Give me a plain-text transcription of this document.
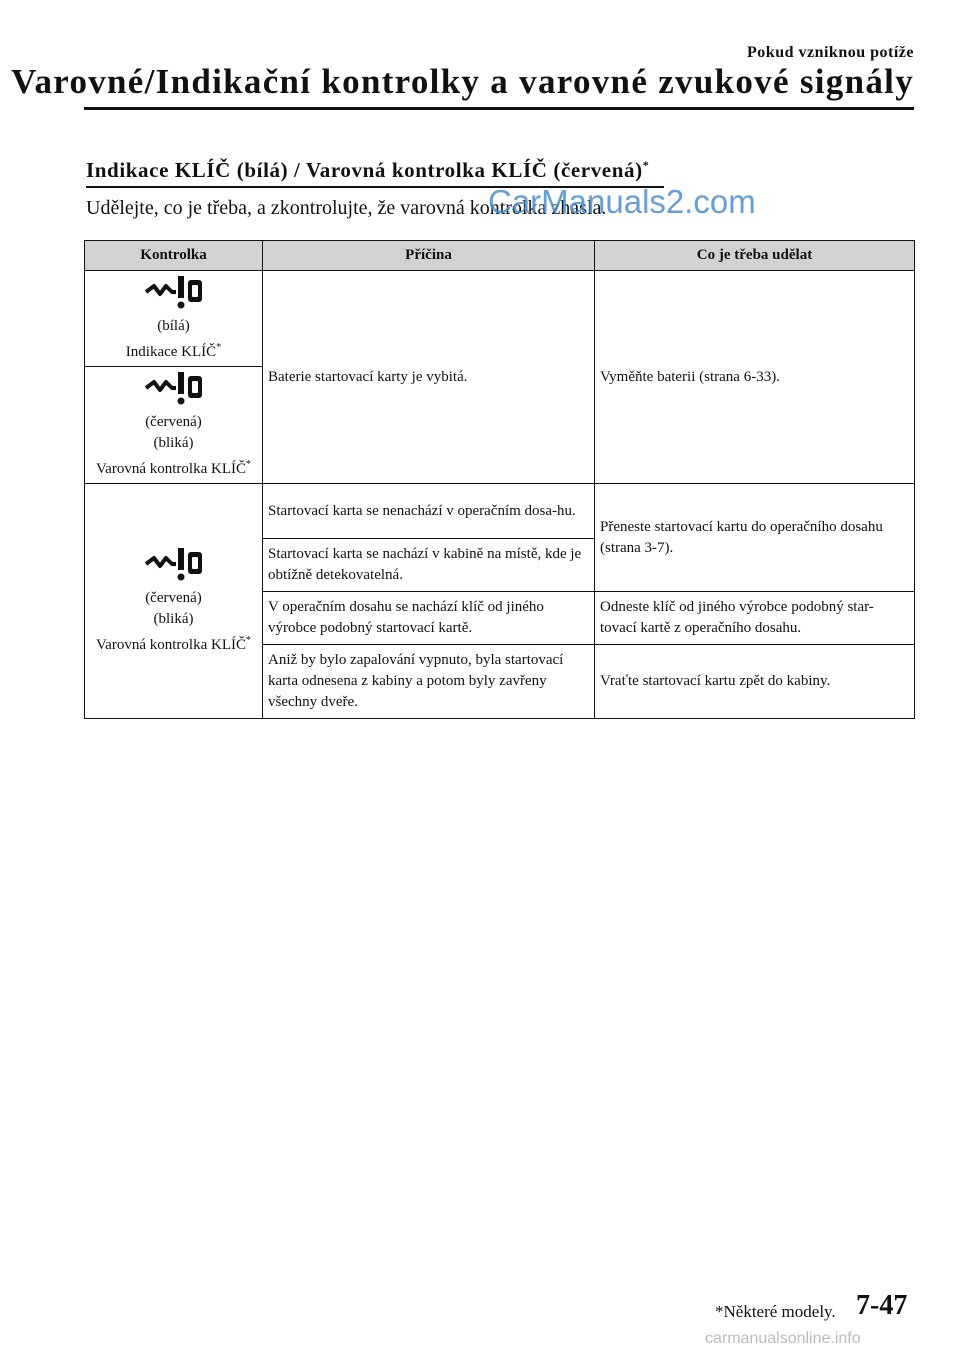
Pokud vzniknou potíže
Varovné/Indikační kontrolky a varovné zvukové signály
Indikace KLÍČ (bílá) / Varovná kontrolka KLÍČ (červená)*
Udělejte, co je třeba, a zkontrolujte, že varovná kontrolka zhasla.
Kontrolka	Příčina	Co je třeba udělat

(bílá)
Indikace KLÍČ*	Baterie startovací karty je vybitá.	Vyměňte baterii (strana 6-33).

(červená)
(bliká)
Varovná kontrolka KLÍČ*

(červená)
(bliká)
Varovná kontrolka KLÍČ*	Startovací karta se nenachází v operačním dosa-hu.	Přeneste startovací kartu do operačního dosahu (strana 3-7).
	Startovací karta se nachází v kabině na místě, kde je obtížně detekovatelná.	
	V operačním dosahu se nachází klíč od jiného výrobce podobný startovací kartě.	Odneste klíč od jiného výrobce podobný star-tovací kartě z operačního dosahu.
	Aniž by bylo zapalování vypnuto, byla startovací karta odnesena z kabiny a potom byly zavřeny všechny dveře.	Vraťte startovací kartu zpět do kabiny.
CarManuals2.com
*Některé modely. 7-47
carmanualsonline.info
